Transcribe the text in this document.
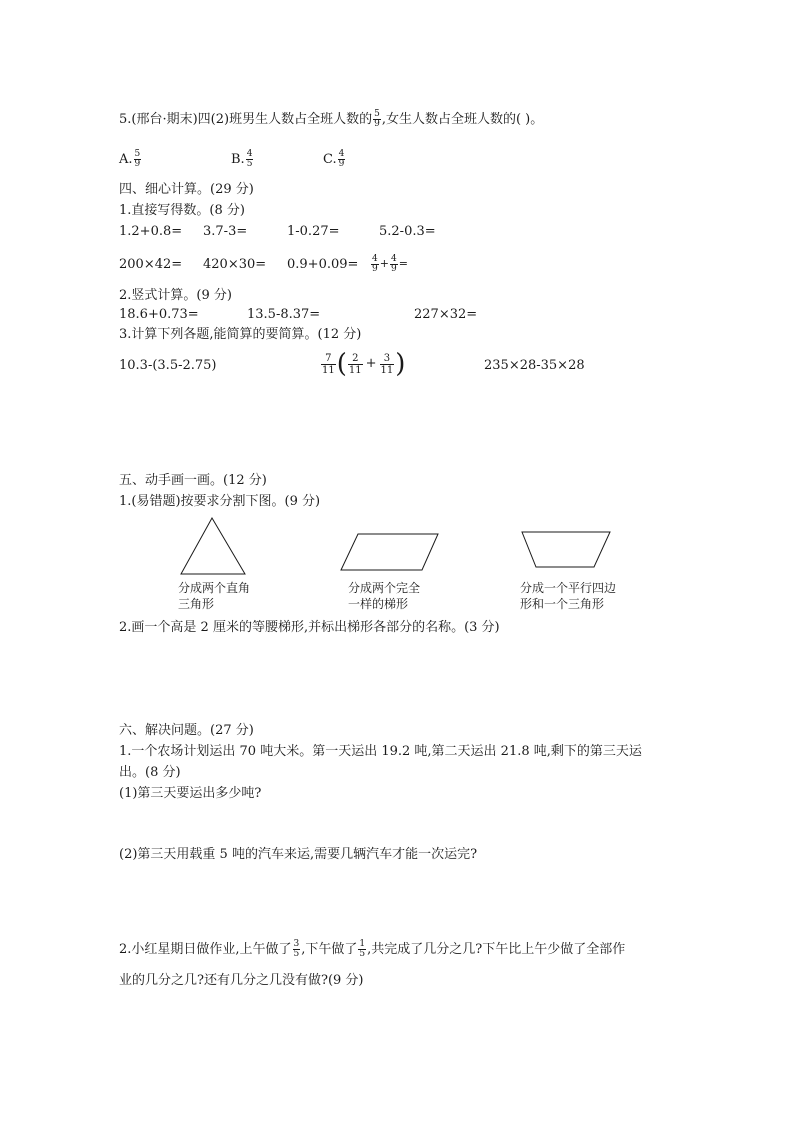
5.(邢台·期末)四(2)班男生人数占全班人数的 $\frac{5}{9}$ ,女生人数占全班人数的( )。
A. $\frac{5}{9}$	B. $\frac{4}{5}$	C. $\frac{4}{9}$
四、细心计算。(29 分)
1.直接写得数。(8 分)
1.2+0.8= 3.7-3=	1-0.27=	5.2-0.3=
$200\times 42= 420\times 30= 0.9+0.09= \frac{4}{9} + \frac{4}{9}$ =
2.竖式计算。(9 分)
18.6+0.73=	13.5-8.37=	227×32=
3.计算下列各题,能简算的要简算。(12 分)
10.3-(3.5-2.75)	$\frac{7}{11}$ ( $\frac{2}{11} + \frac{3}{11}$ )	235×28-35×28
五、动手画一画。(12 分)
1.(易错题)按要求分割下图。(9 分)
分成两个直角
三角形
分成两个完全
一样的梯形
分成一个平行四边
形和一个三角形
2.画一个高是 2 厘米的等腰梯形,并标出梯形各部分的名称。(3 分)
六、解决问题。(27 分)
1.一个农场计划运出 70 吨大米。第一天运出 19.2 吨,第二天运出 21.8 吨,剩下的第三天运
出。(8 分)
(1)第三天要运出多少吨?
(2)第三天用载重 5 吨的汽车来运,需要几辆汽车才能一次运完?
2.小红星期日做作业,上午做了 $\frac{3}{5}$ ,下午做了 $\frac{1}{5}$ ,共完成了几分之几?下午比上午少做了全部作
业的几分之几?还有几分之几没有做?(9 分)
